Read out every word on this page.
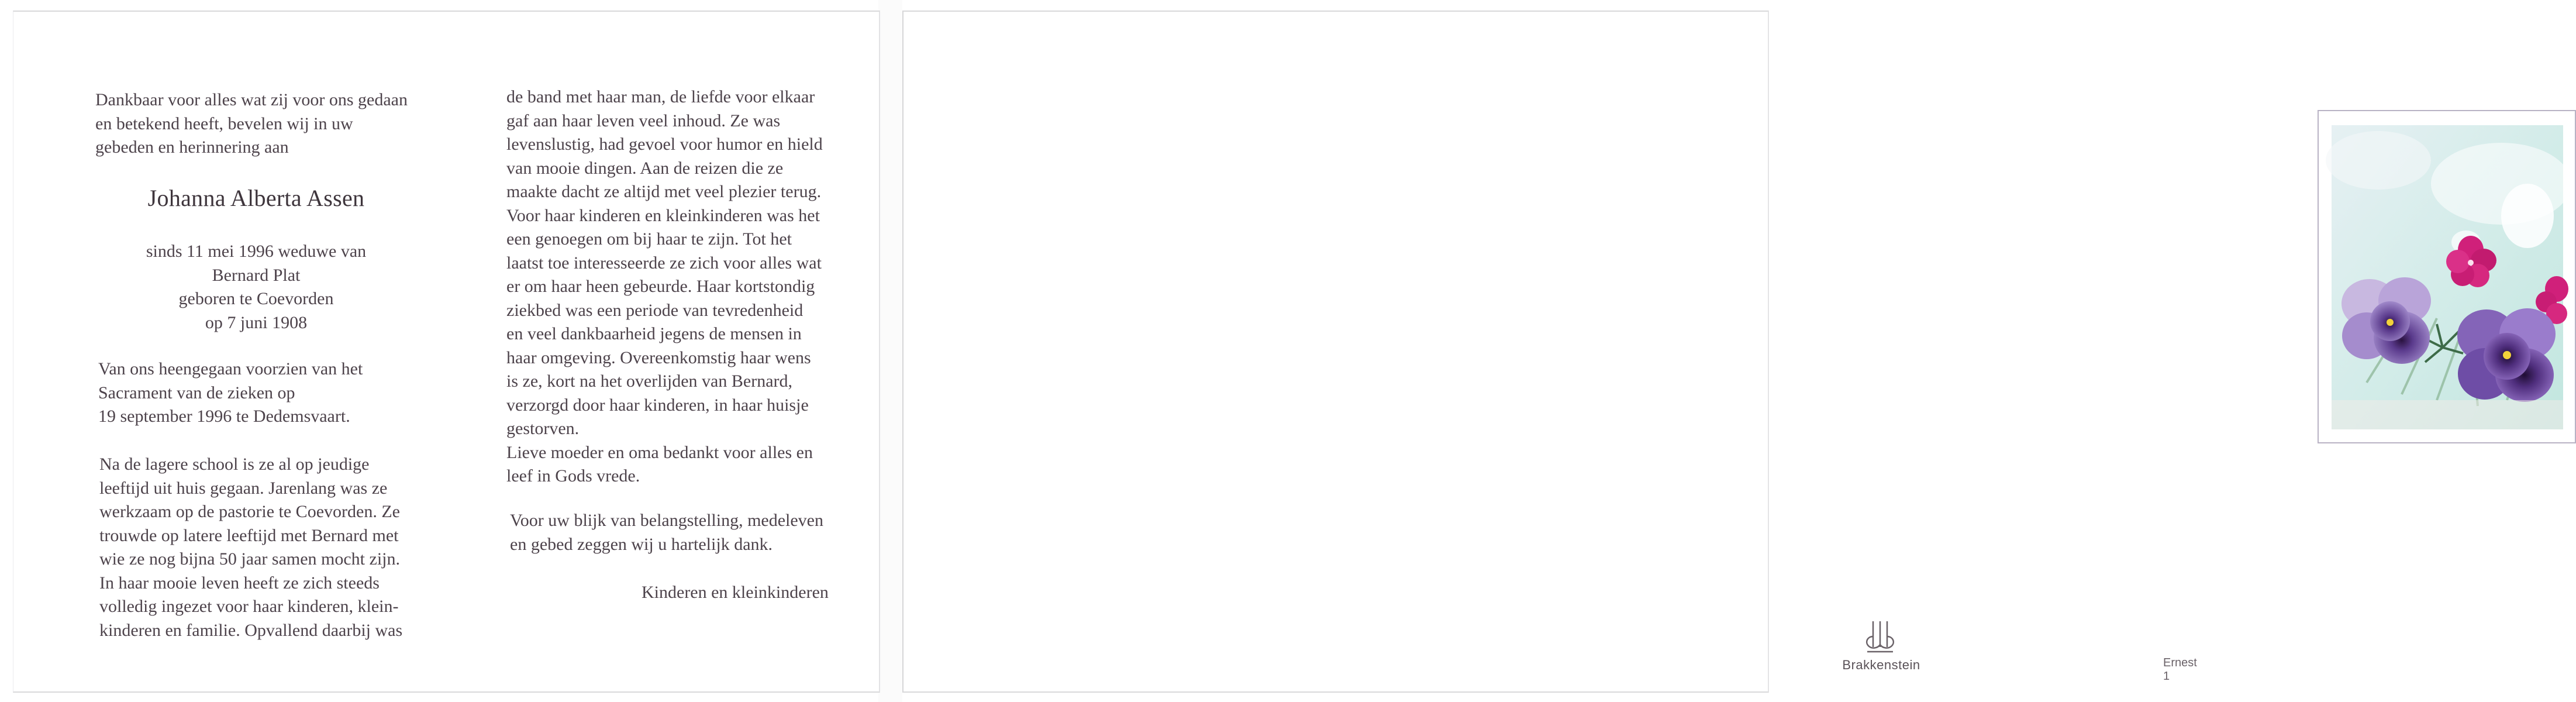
Dankbaar voor alles wat zij voor ons gedaan
en betekend heeft, bevelen wij in uw
gebeden en herinnering aan
Johanna Alberta Assen
sinds 11 mei 1996 weduwe van
Bernard Plat
geboren te Coevorden
op 7 juni 1908
Van ons heengegaan voorzien van het
Sacrament van de zieken op
19 september 1996 te Dedemsvaart.
Na de lagere school is ze al op jeudige
leeftijd uit huis gegaan. Jarenlang was ze
werkzaam op de pastorie te Coevorden. Ze
trouwde op latere leeftijd met Bernard met
wie ze nog bijna 50 jaar samen mocht zijn.
In haar mooie leven heeft ze zich steeds
volledig ingezet voor haar kinderen, klein-
kinderen en familie. Opvallend daarbij was
de band met haar man, de liefde voor elkaar
gaf aan haar leven veel inhoud. Ze was
levenslustig, had gevoel voor humor en hield
van mooie dingen. Aan de reizen die ze
maakte dacht ze altijd met veel plezier terug.
Voor haar kinderen en kleinkinderen was het
een genoegen om bij haar te zijn. Tot het
laatst toe interesseerde ze zich voor alles wat
er om haar heen gebeurde. Haar kortstondig
ziekbed was een periode van tevredenheid
en veel dankbaarheid jegens de mensen in
haar omgeving. Overeenkomstig haar wens
is ze, kort na het overlijden van Bernard,
verzorgd door haar kinderen, in haar huisje
gestorven.
Lieve moeder en oma bedankt voor alles en
leef in Gods vrede.
Voor uw blijk van belangstelling, medeleven
en gebed zeggen wij u hartelijk dank.
Kinderen en kleinkinderen
Brakkenstein	Ernest 1
